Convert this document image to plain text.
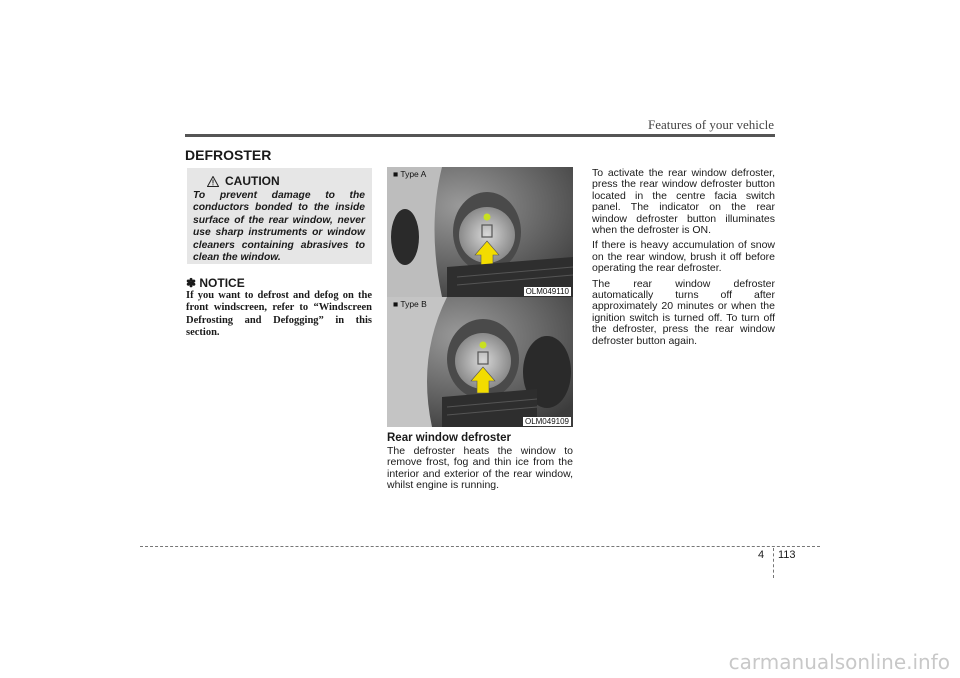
Features of your vehicle
DEFROSTER
CAUTION
To prevent damage to the conductors bonded to the inside surface of the rear window, never use sharp instruments or window cleaners containing abrasives to clean the window.
✽ NOTICE
If you want to defrost and defog on the front windscreen, refer to “Windscreen Defrosting and Defogging” in this section.
■ Type A
OLM049110
■ Type B
OLM049109
Rear window defroster
The defroster heats the window to remove frost, fog and thin ice from the interior and exterior of the rear window, whilst engine is running.

To activate the rear window defroster, press the rear window defroster button located in the centre facia switch panel. The indicator on the rear window defroster button illuminates when the defroster is ON.

If there is heavy accumulation of snow on the rear window, brush it off before operating the rear defroster.

The rear window defroster automatically turns off after approximately 20 minutes or when the ignition switch is turned off. To turn off the defroster, press the rear window defroster button again.

4 113
carmanualsonline.info
